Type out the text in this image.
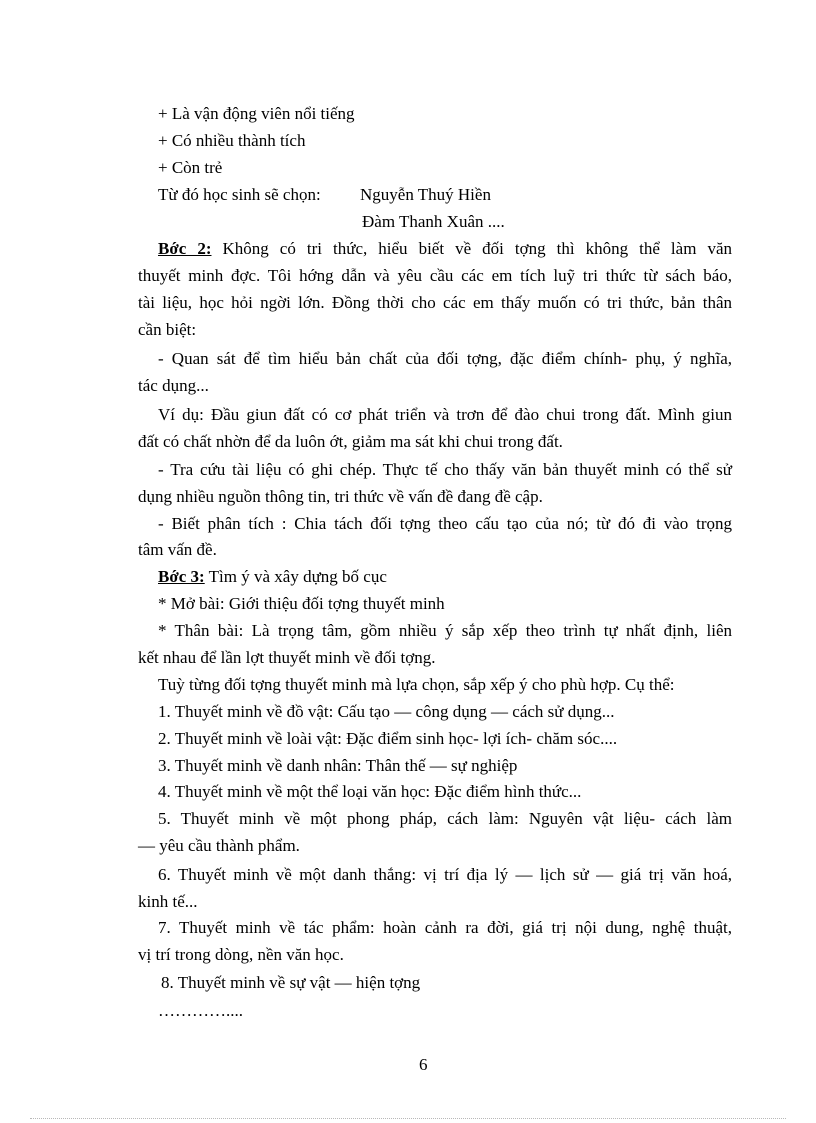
+ Là vận động viên nổi tiếng
+ Có nhiều thành tích
+ Còn trẻ
Từ đó học sinh sẽ chọn: Nguyễn Thuý Hiền
Đàm Thanh Xuân ....
Bớc 2: Không có tri thức, hiểu biết về đối tợng thì không thể làm văn
thuyết minh đợc. Tôi hớng dẫn và yêu cầu các em tích luỹ tri thức từ sách báo,
tài liệu, học hỏi ngời lớn. Đồng thời cho các em thấy muốn có tri thức, bản thân
cần biệt:
- Quan sát để tìm hiểu bản chất của đối tợng, đặc điểm chính- phụ, ý nghĩa,
tác dụng...
Ví dụ: Đầu giun đất có cơ phát triển và trơn để đào chui trong đất. Mình giun
đất có chất nhờn để da luôn ớt, giảm ma sát khi chui trong đất.
- Tra cứu tài liệu có ghi chép. Thực tế cho thấy văn bản thuyết minh có thể sử
dụng nhiều nguồn thông tin, tri thức về vấn đề đang đề cập.
- Biết phân tích : Chia tách đối tợng theo cấu tạo của nó; từ đó đi vào trọng
tâm vấn đề.
Bớc 3: Tìm ý và xây dựng bố cục
* Mở bài: Giới thiệu đối tợng thuyết minh
* Thân bài: Là trọng tâm, gồm nhiều ý sắp xếp theo trình tự nhất định, liên
kết nhau để lần lợt thuyết minh về đối tợng.
Tuỳ từng đối tợng thuyết minh mà lựa chọn, sắp xếp ý cho phù hợp. Cụ thể:
1. Thuyết minh về đồ vật: Cấu tạo — công dụng — cách sử dụng...
2. Thuyết minh về loài vật: Đặc điểm sinh học- lợi ích- chăm sóc....
3. Thuyết minh về danh nhân: Thân thế — sự nghiệp
4. Thuyết minh về một thể loại văn học: Đặc điểm hình thức...
5. Thuyết minh về một phong pháp, cách làm: Nguyên vật liệu- cách làm
— yêu cầu thành phẩm.
6. Thuyết minh về một danh thắng: vị trí địa lý — lịch sử — giá trị văn hoá,
kinh tế...
7. Thuyết minh về tác phẩm: hoàn cảnh ra đời, giá trị nội dung, nghệ thuật,
vị trí trong dòng, nền văn học.
8. Thuyết minh về sự vật — hiện tợng
…………....
6
